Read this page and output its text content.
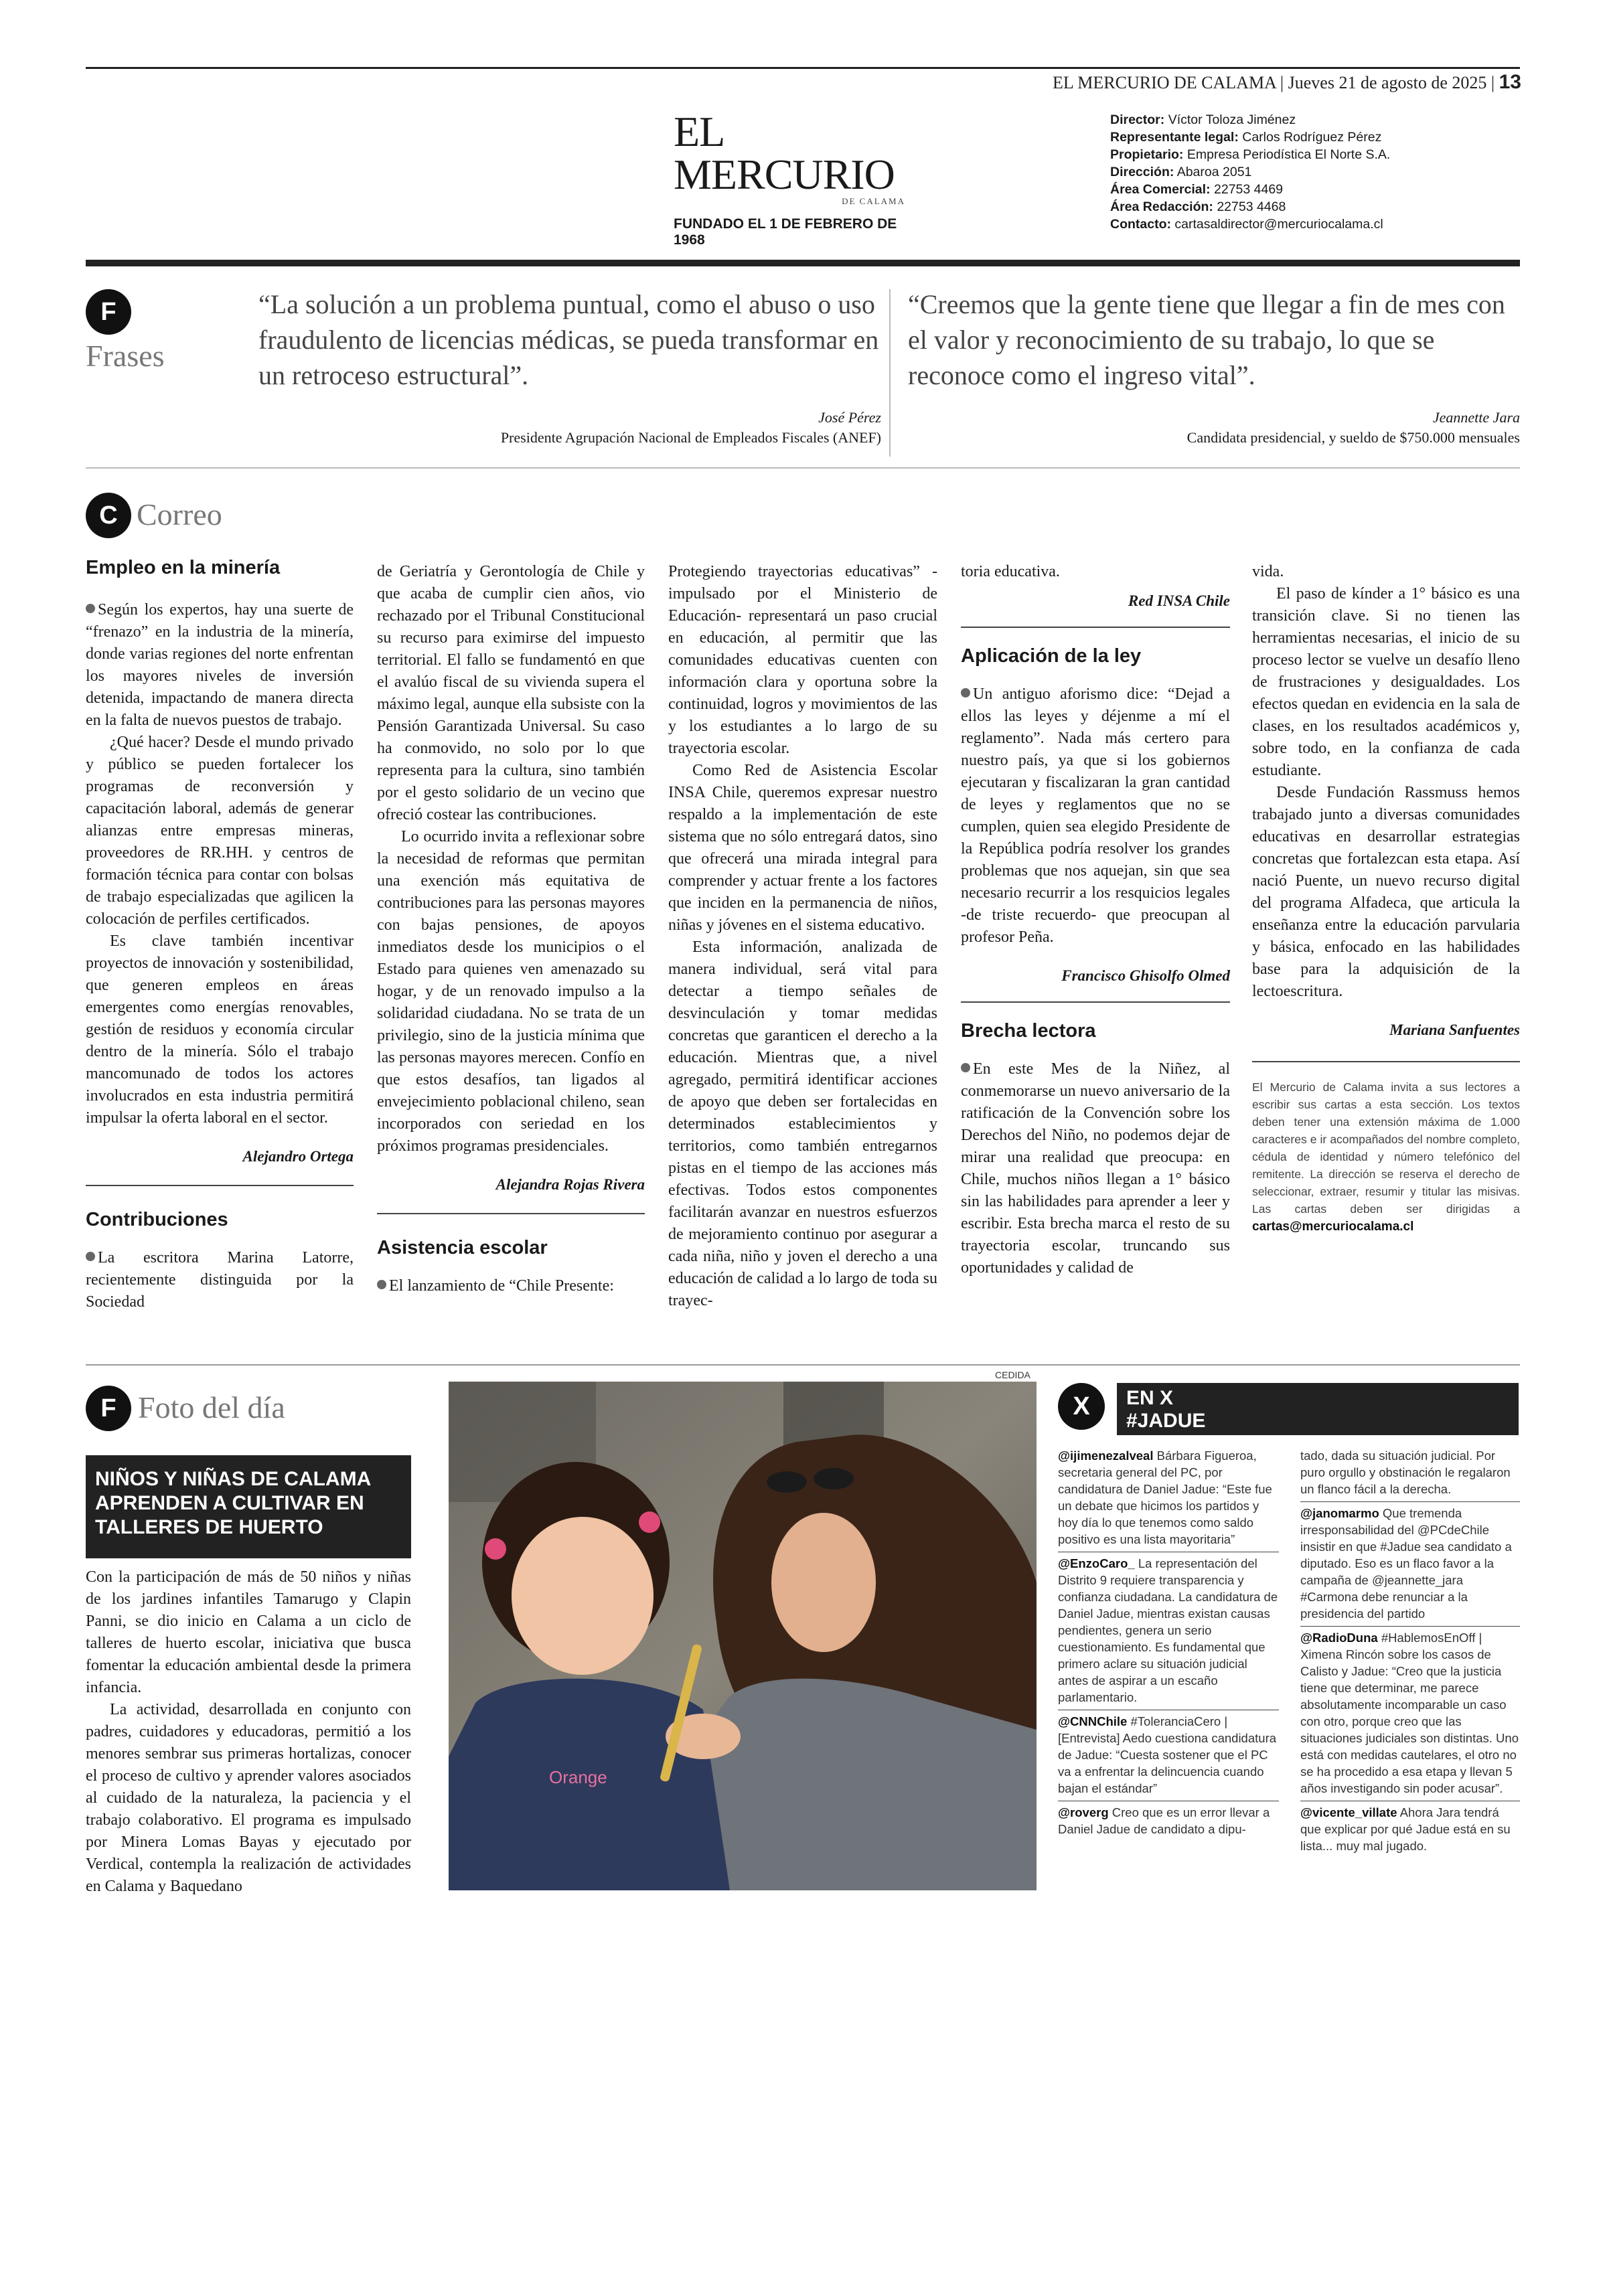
EL MERCURIO DE CALAMA | Jueves 21 de agosto de 2025 | 13
EL MERCURIO
DE CALAMA
FUNDADO EL 1 DE FEBRERO DE 1968
Director: Víctor Toloza Jiménez
Representante legal: Carlos Rodríguez Pérez
Propietario: Empresa Periodística El Norte S.A.
Dirección: Abaroa 2051
Área Comercial: 22753 4469
Área Redacción: 22753 4468
Contacto: cartasaldirector@mercuriocalama.cl
F
Frases
“La solución a un problema puntual, como el abuso o uso fraudulento de licencias médicas, se pueda transformar en un retroceso estructural”.
José Pérez
Presidente Agrupación Nacional de Empleados Fiscales (ANEF)
“Creemos que la gente tiene que llegar a fin de mes con el valor y reconocimiento de su trabajo, lo que se reconoce como el ingreso vital”.
Jeannette Jara
Candidata presidencial, y sueldo de $750.000 mensuales
C Correo
Empleo en la minería

Según los expertos, hay una suerte de “frenazo” en la industria de la minería, donde varias regiones del norte enfrentan los mayores niveles de inversión detenida, impactando de manera directa en la falta de nuevos puestos de trabajo.

¿Qué hacer? Desde el mundo privado y público se pueden fortalecer los programas de reconversión y capacitación laboral, además de generar alianzas entre empresas mineras, proveedores de RR.HH. y centros de formación técnica para contar con bolsas de trabajo especializadas que agilicen la colocación de perfiles certificados.

Es clave también incentivar proyectos de innovación y sostenibilidad, que generen empleos en áreas emergentes como energías renovables, gestión de residuos y economía circular dentro de la minería. Sólo el trabajo mancomunado de todos los actores involucrados en esta industria permitirá impulsar la oferta laboral en el sector.

Alejandro Ortega
Contribuciones

La escritora Marina Latorre, recientemente distinguida por la Sociedad

de Geriatría y Gerontología de Chile y que acaba de cumplir cien años, vio rechazado por el Tribunal Constitucional su recurso para eximirse del impuesto territorial. El fallo se fundamentó en que el avalúo fiscal de su vivienda supera el máximo legal, aunque ella subsiste con la Pensión Garantizada Universal. Su caso ha conmovido, no solo por lo que representa para la cultura, sino también por el gesto solidario de un vecino que ofreció costear las contribuciones.

Lo ocurrido invita a reflexionar sobre la necesidad de reformas que permitan una exención más equitativa de contribuciones para las personas mayores con bajas pensiones, de apoyos inmediatos desde los municipios o el Estado para quienes ven amenazado su hogar, y de un renovado impulso a la solidaridad ciudadana. No se trata de un privilegio, sino de la justicia mínima que las personas mayores merecen. Confío en que estos desafíos, tan ligados al envejecimiento poblacional chileno, sean incorporados con seriedad en los próximos programas presidenciales.

Alejandra Rojas Rivera
Asistencia escolar

El lanzamiento de “Chile Presente:

Protegiendo trayectorias educativas” -impulsado por el Ministerio de Educación- representará un paso crucial en educación, al permitir que las comunidades educativas cuenten con información clara y oportuna sobre la continuidad, logros y movimientos de las y los estudiantes a lo largo de su trayectoria escolar.

Como Red de Asistencia Escolar INSA Chile, queremos expresar nuestro respaldo a la implementación de este sistema que no sólo entregará datos, sino que ofrecerá una mirada integral para comprender y actuar frente a los factores que inciden en la permanencia de niños, niñas y jóvenes en el sistema educativo.

Esta información, analizada de manera individual, será vital para detectar a tiempo señales de desvinculación y tomar medidas concretas que garanticen el derecho a la educación. Mientras que, a nivel agregado, permitirá identificar acciones de apoyo que deben ser fortalecidas en determinados establecimientos y territorios, como también entregarnos pistas en el tiempo de las acciones más efectivas. Todos estos componentes facilitarán avanzar en nuestros esfuerzos de mejoramiento continuo por asegurar a cada niña, niño y joven el derecho a una educación de calidad a lo largo de toda su trayec-

toria educativa.

Red INSA Chile
Aplicación de la ley

Un antiguo aforismo dice: “Dejad a ellos las leyes y déjenme a mí el reglamento”. Nada más certero para nuestro país, ya que si los gobiernos ejecutaran y fiscalizaran la gran cantidad de leyes y reglamentos que no se cumplen, quien sea elegido Presidente de la República podría resolver los grandes problemas que nos aquejan, sin que sea necesario recurrir a los resquicios legales -de triste recuerdo- que preocupan al profesor Peña.

Francisco Ghisolfo Olmed
Brecha lectora

En este Mes de la Niñez, al conmemorarse un nuevo aniversario de la ratificación de la Convención sobre los Derechos del Niño, no podemos dejar de mirar una realidad que preocupa: en Chile, muchos niños llegan a 1° básico sin las habilidades para aprender a leer y escribir. Esta brecha marca el resto de su trayectoria escolar, truncando sus oportunidades y calidad de

vida.

El paso de kínder a 1° básico es una transición clave. Si no tienen las herramientas necesarias, el inicio de su proceso lector se vuelve un desafío lleno de frustraciones y desigualdades. Los efectos quedan en evidencia en la sala de clases, en los resultados académicos y, sobre todo, en la confianza de cada estudiante.

Desde Fundación Rassmuss hemos trabajado junto a diversas comunidades educativas en desarrollar estrategias concretas que fortalezcan esta etapa. Así nació Puente, un nuevo recurso digital del programa Alfadeca, que articula la enseñanza entre la educación parvularia y básica, enfocado en las habilidades base para la adquisición de la lectoescritura.

Mariana Sanfuentes
El Mercurio de Calama invita a sus lectores a escribir sus cartas a esta sección. Los textos deben tener una extensión máxima de 1.000 caracteres e ir acompañados del nombre completo, cédula de identidad y número telefónico del remitente. La dirección se reserva el derecho de seleccionar, extraer, resumir y titular las misivas. Las cartas deben ser dirigidas a cartas@mercuriocalama.cl
F Foto del día
NIÑOS Y NIÑAS DE CALAMA APRENDEN A CULTIVAR EN TALLERES DE HUERTO

Con la participación de más de 50 niños y niñas de los jardines infantiles Tamarugo y Clapin Panni, se dio inicio en Calama a un ciclo de talleres de huerto escolar, iniciativa que busca fomentar la educación ambiental desde la primera infancia.

La actividad, desarrollada en conjunto con padres, cuidadores y educadoras, permitió a los menores sembrar sus primeras hortalizas, conocer el proceso de cultivo y aprender valores asociados al cuidado de la naturaleza, la paciencia y el trabajo colaborativo. El programa es impulsado por Minera Lomas Bayas y ejecutado por Verdical, contempla la realización de actividades en Calama y Baquedano

CEDIDA
Orange
X	EN X
#JADUE
@ijimenezalveal Bárbara Figueroa, secretaria general del PC, por candidatura de Daniel Jadue: “Este fue un debate que hicimos los partidos y hoy día lo que tenemos como saldo positivo es una lista mayoritaria”
@EnzoCaro_ La representación del Distrito 9 requiere transparencia y confianza ciudadana. La candidatura de Daniel Jadue, mientras existan causas pendientes, genera un serio cuestionamiento. Es fundamental que primero aclare su situación judicial antes de aspirar a un escaño parlamentario.
@CNNChile #ToleranciaCero | [Entrevista] Aedo cuestiona candidatura de Jadue: “Cuesta sostener que el PC va a enfrentar la delincuencia cuando bajan el estándar”
@roverg Creo que es un error llevar a Daniel Jadue de candidato a dipu-
tado, dada su situación judicial. Por puro orgullo y obstinación le regalaron un flanco fácil a la derecha.
@janomarmo Que tremenda irresponsabilidad del @PCdeChile insistir en que #Jadue sea candidato a diputado. Eso es un flaco favor a la campaña de @jeannette_jara #Carmona debe renunciar a la presidencia del partido
@RadioDuna #HablemosEnOff | Ximena Rincón sobre los casos de Calisto y Jadue: “Creo que la justicia tiene que determinar, me parece absolutamente incomparable un caso con otro, porque creo que las situaciones judiciales son distintas. Uno está con medidas cautelares, el otro no se ha procedido a esa etapa y llevan 5 años investigando sin poder acusar”.
@vicente_villate Ahora Jara tendrá que explicar por qué Jadue está en su lista... muy mal jugado.
